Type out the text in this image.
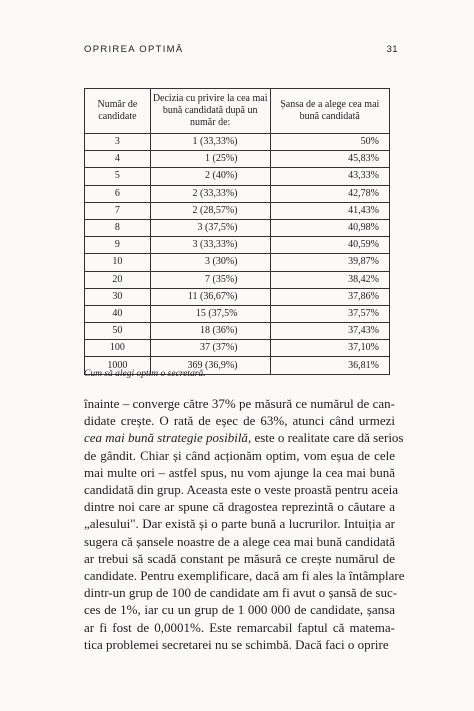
OPRIREA OPTIMĂ	31
Număr de candidate	Decizia cu privire la cea mai bună candidată după un număr de:	Șansa de a alege cea mai bună candidată
3	1 (33,33%)	50%
4	1 (25%)	45,83%
5	2 (40%)	43,33%
6	2 (33,33%)	42,78%
7	2 (28,57%)	41,43%
8	3 (37,5%)	40,98%
9	3 (33,33%)	40,59%
10	3 (30%)	39,87%
20	7 (35%)	38,42%
30	11 (36,67%)	37,86%
40	15 (37,5%	37,57%
50	18 (36%)	37,43%
100	37 (37%)	37,10%
1000	369 (36,9%)	36,81%
Cum să alegi optim o secretară.

înainte – converge către 37% pe măsură ce numărul de can-
didate crește. O rată de eșec de 63%, atunci când urmezi
cea mai bună strategie posibilă, este o realitate care dă serios
de gândit. Chiar și când acționăm optim, vom eșua de cele
mai multe ori – astfel spus, nu vom ajunge la cea mai bună
candidată din grup. Aceasta este o veste proastă pentru aceia
dintre noi care ar spune că dragostea reprezintă o căutare a
„alesului". Dar există și o parte bună a lucrurilor. Intuiția ar
sugera că șansele noastre de a alege cea mai bună candidată
ar trebui să scadă constant pe măsură ce crește numărul de
candidate. Pentru exemplificare, dacă am fi ales la întâmplare
dintr-un grup de 100 de candidate am fi avut o șansă de suc-
ces de 1%, iar cu un grup de 1 000 000 de candidate, șansa
ar fi fost de 0,0001%. Este remarcabil faptul că matema-
tica problemei secretarei nu se schimbă. Dacă faci o oprire
